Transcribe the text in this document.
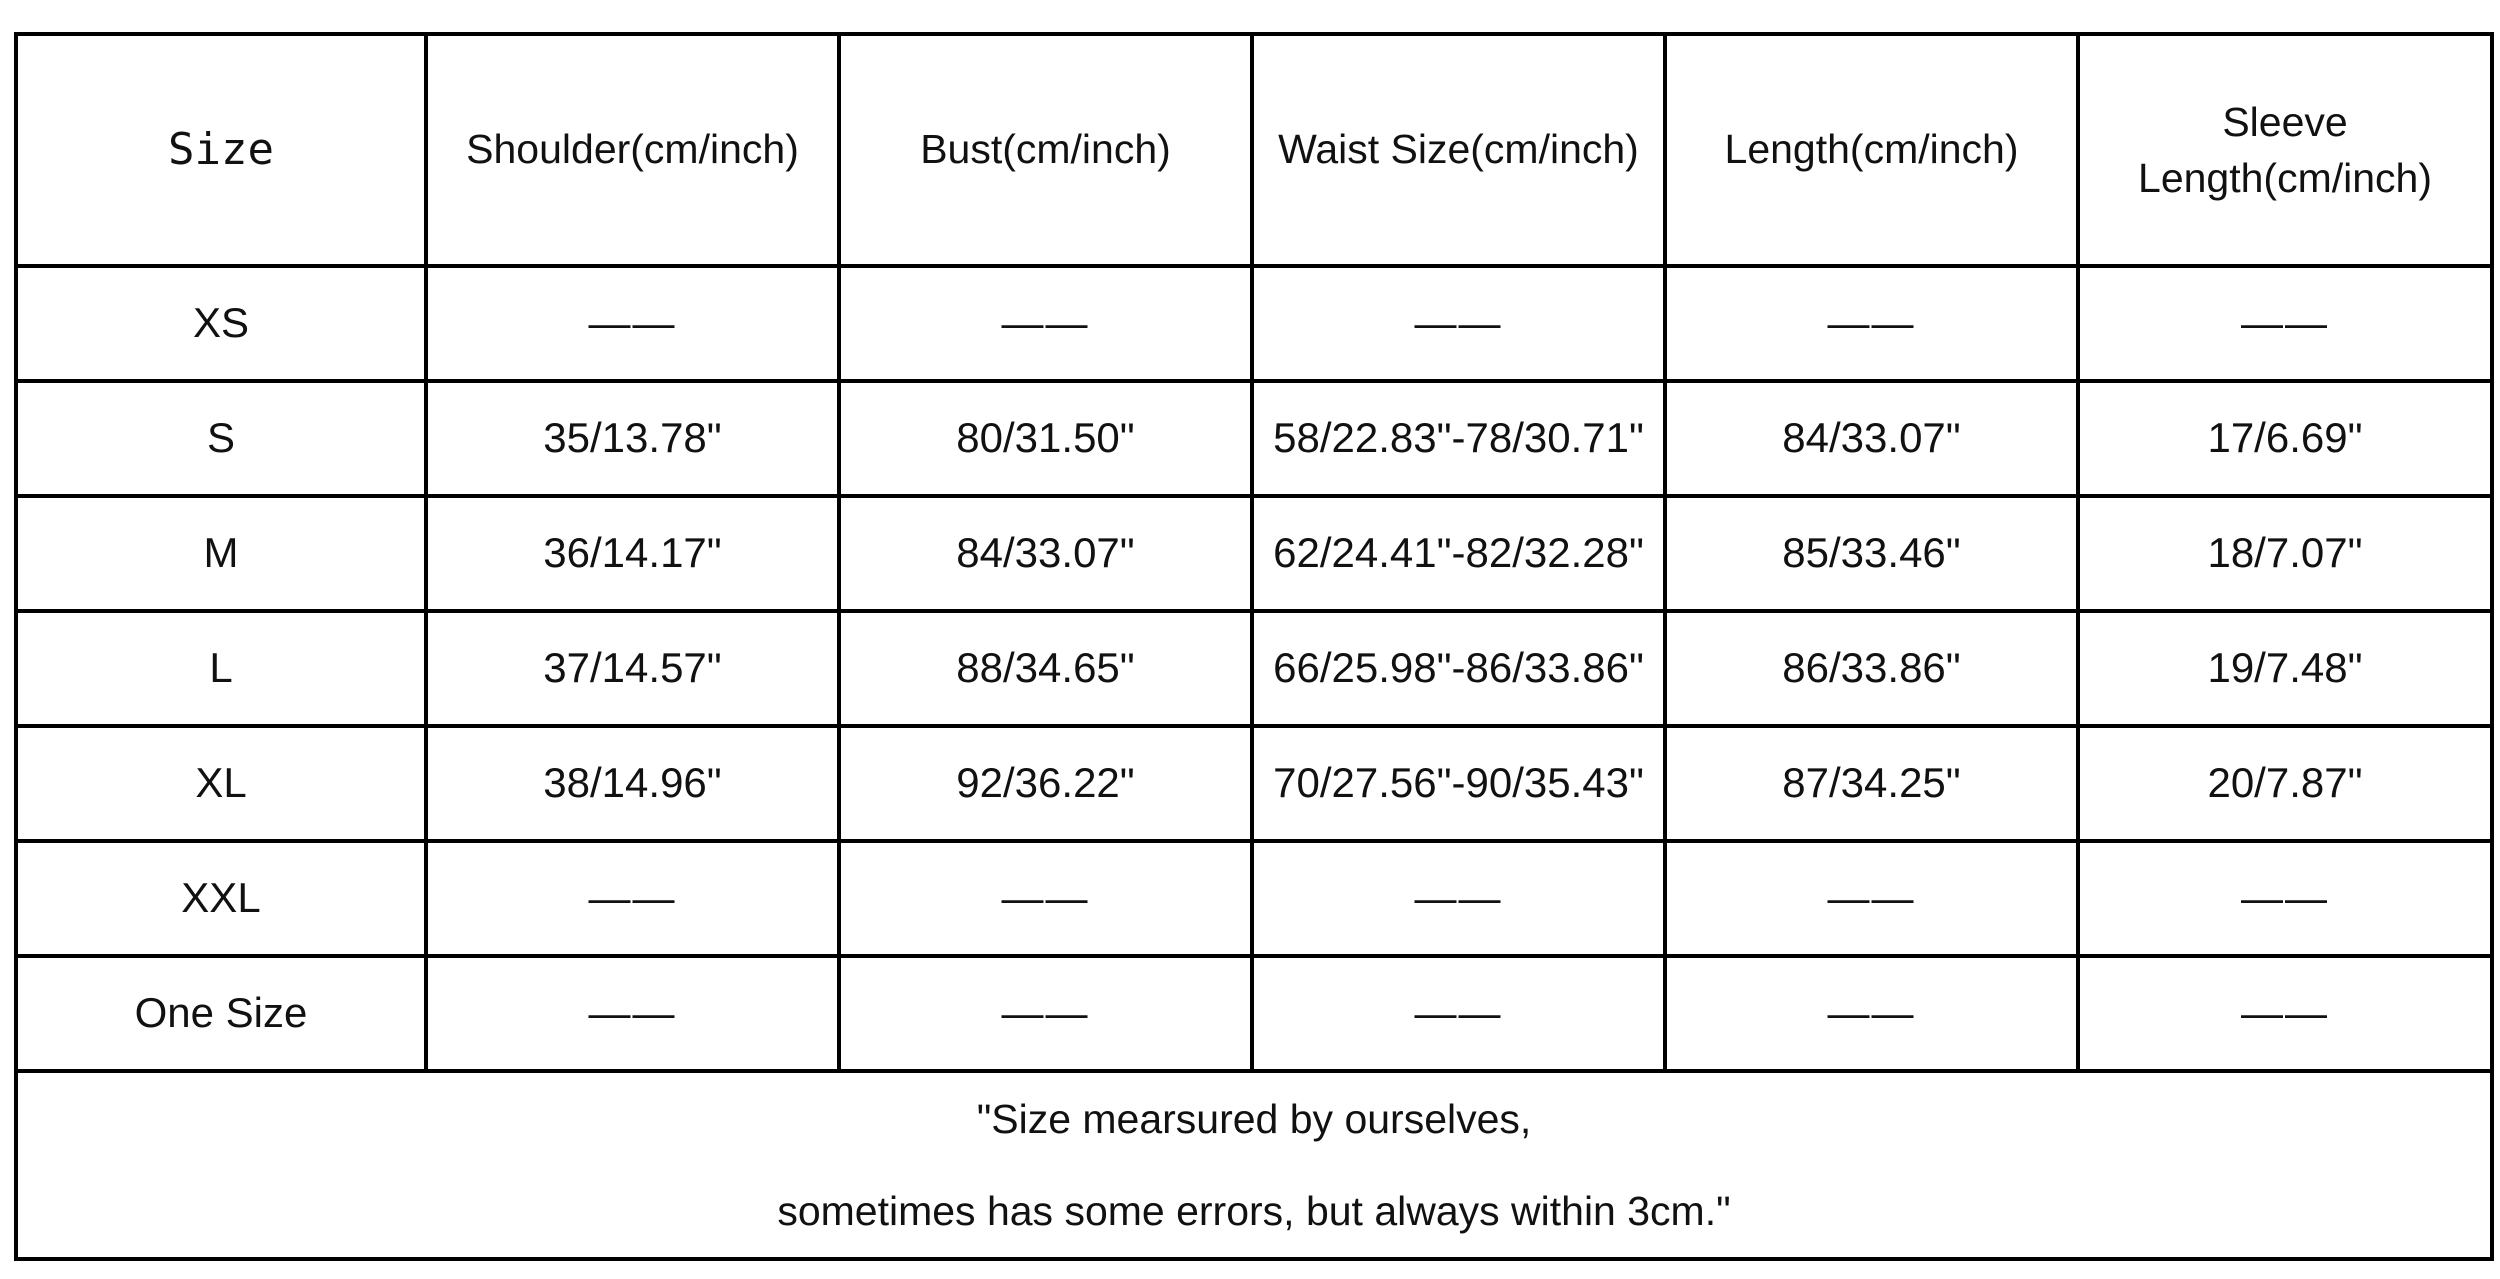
Size	Shoulder(cm/inch)	Bust(cm/inch)	Waist Size(cm/inch)	Length(cm/inch)	Sleeve
Length(cm/inch)

XS	——	——	——	——	——
S	35/13.78"	80/31.50"	58/22.83"-78/30.71"	84/33.07"	17/6.69"
M	36/14.17"	84/33.07"	62/24.41"-82/32.28"	85/33.46"	18/7.07"
L	37/14.57"	88/34.65"	66/25.98"-86/33.86"	86/33.86"	19/7.48"
XL	38/14.96"	92/36.22"	70/27.56"-90/35.43"	87/34.25"	20/7.87"
XXL	——	——	——	——	——
One Size	——	——	——	——	——

"Size mearsured by ourselves,
sometimes has some errors, but always within 3cm."					
